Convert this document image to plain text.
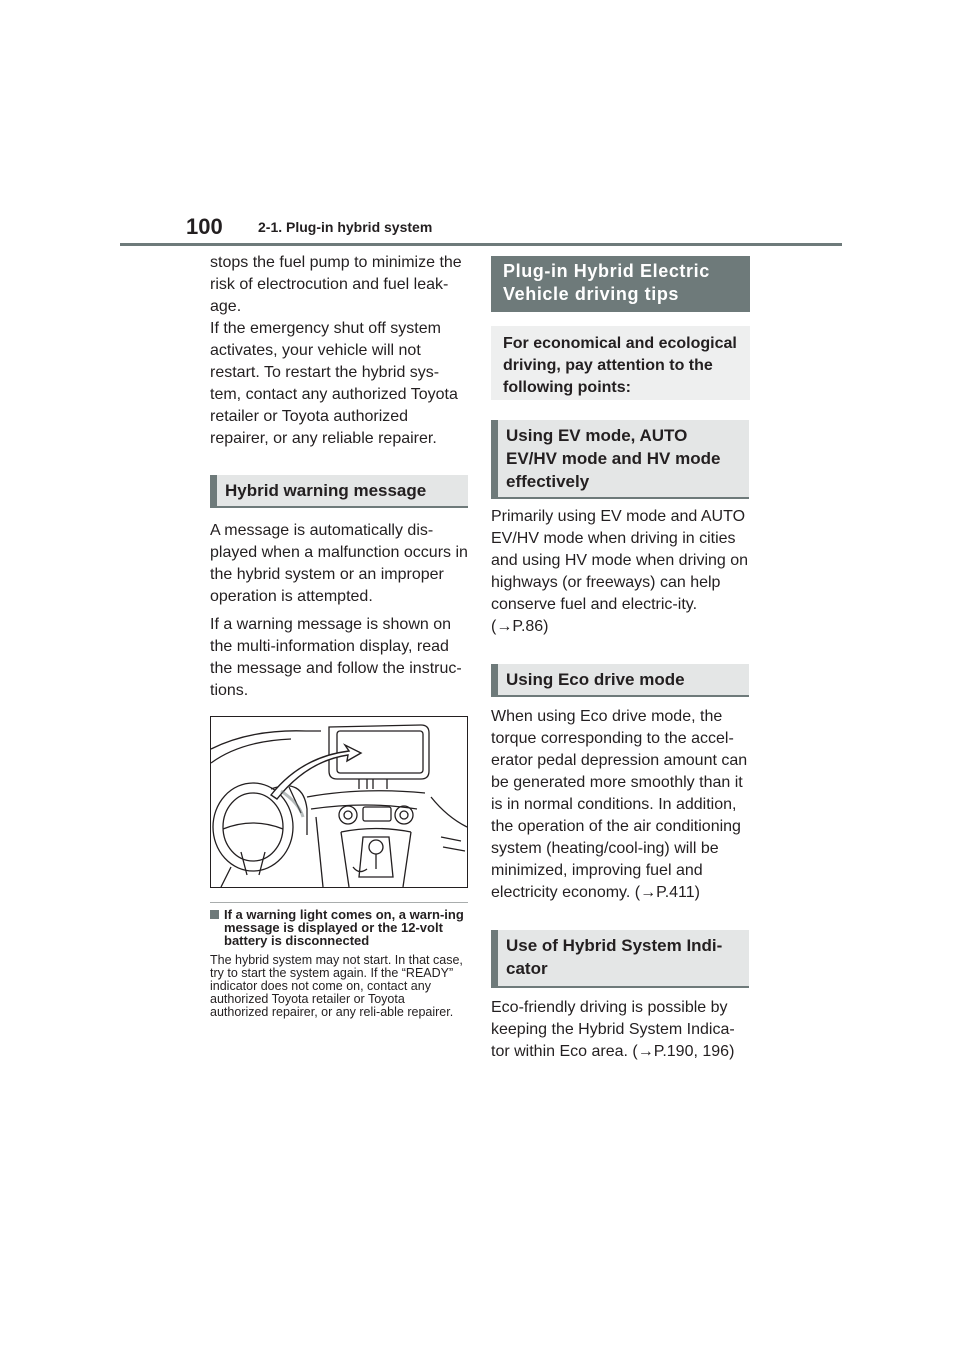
100	2-1. Plug-in hybrid system

stops the fuel pump to minimize the risk of electrocution and fuel leak-age.
If the emergency shut off system activates, your vehicle will not restart. To restart the hybrid sys-tem, contact any authorized Toyota retailer or Toyota authorized repairer, or any reliable repairer.

Hybrid warning message

A message is automatically dis-played when a malfunction occurs in the hybrid system or an improper operation is attempted.

If a warning message is shown on the multi-information display, read the message and follow the instruc-tions.

If a warning light comes on, a warn-ing message is displayed or the 12-volt battery is disconnected

The hybrid system may not start. In that case, try to start the system again. If the “READY” indicator does not come on, contact any authorized Toyota retailer or Toyota authorized repairer, or any reli-able repairer.

Plug-in Hybrid Electric Vehicle driving tips
For economical and ecological driving, pay attention to the following points:
Using EV mode, AUTO EV/HV mode and HV mode effectively

Primarily using EV mode and AUTO EV/HV mode when driving in cities and using HV mode when driving on highways (or freeways) can help conserve fuel and electric-ity. (→P.86)

Using Eco drive mode

When using Eco drive mode, the torque corresponding to the accel-erator pedal depression amount can be generated more smoothly than it is in normal conditions. In addition, the operation of the air conditioning system (heating/cool-ing) will be minimized, improving fuel and electricity economy. (→P.411)

Use of Hybrid System Indi-cator

Eco-friendly driving is possible by keeping the Hybrid System Indica-tor within Eco area. (→P.190, 196)
